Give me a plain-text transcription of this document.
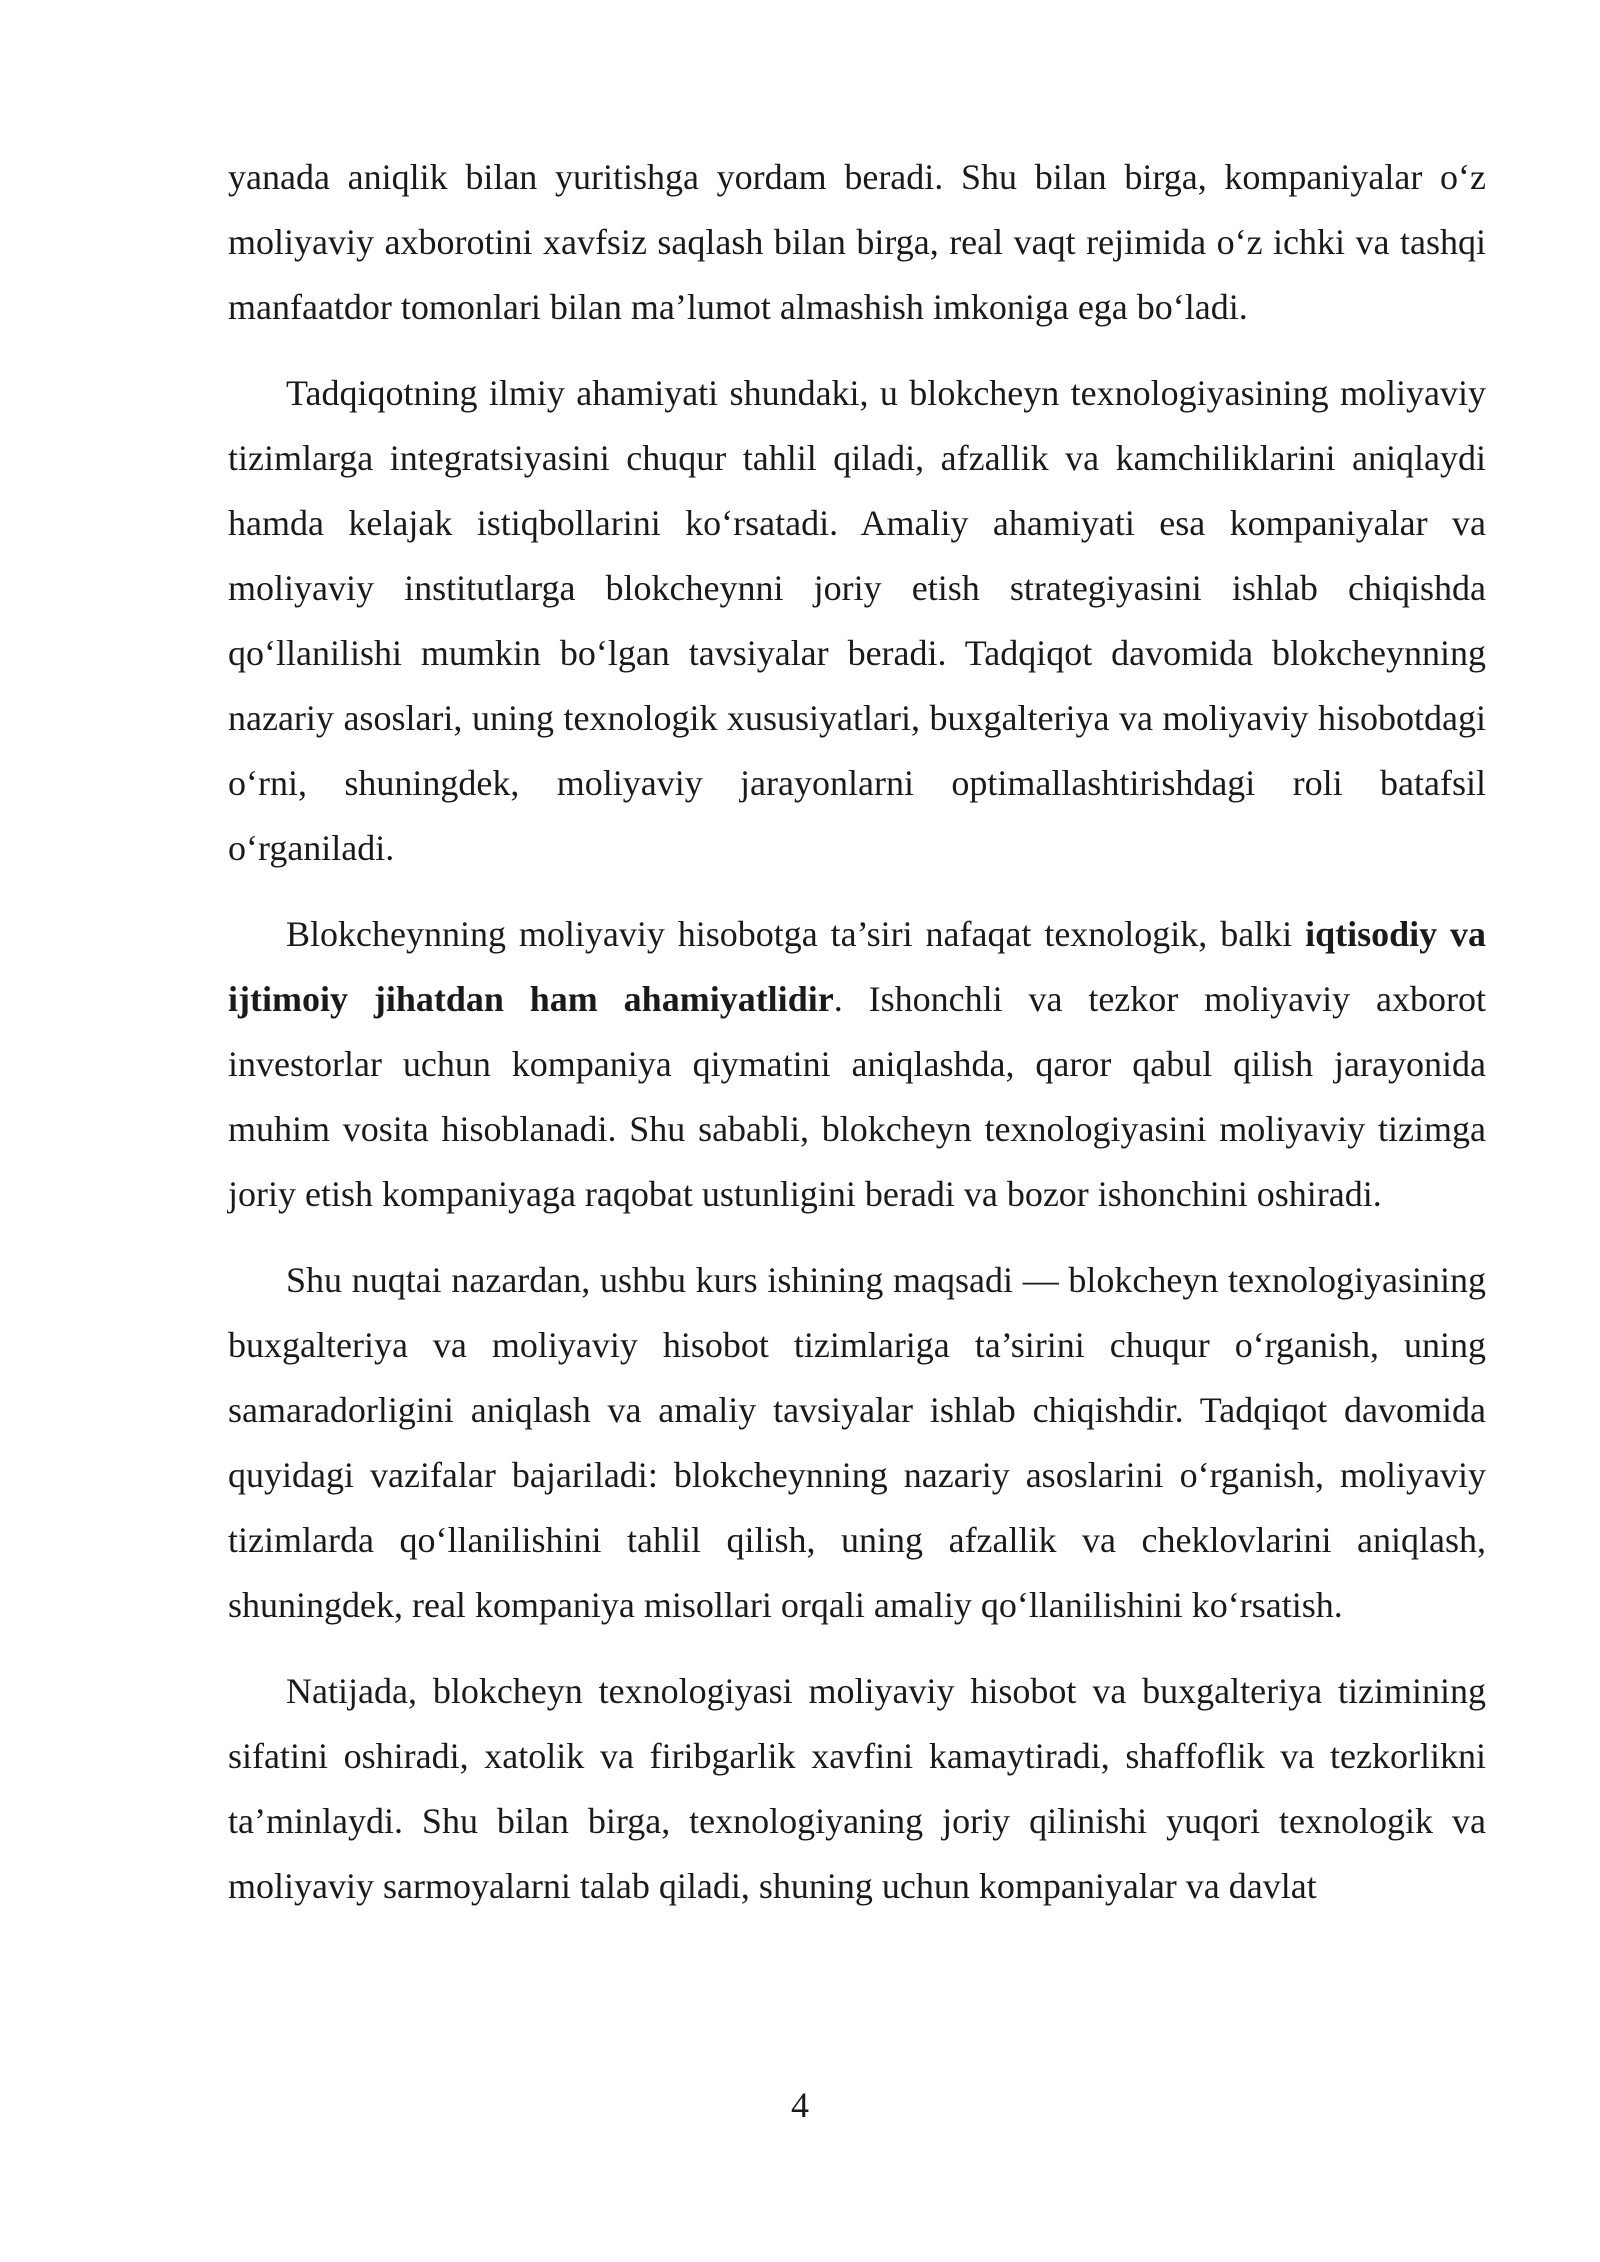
yanada aniqlik bilan yuritishga yordam beradi. Shu bilan birga, kompaniyalar o‘z moliyaviy axborotini xavfsiz saqlash bilan birga, real vaqt rejimida o‘z ichki va tashqi manfaatdor tomonlari bilan ma’lumot almashish imkoniga ega bo‘ladi.

Tadqiqotning ilmiy ahamiyati shundaki, u blokcheyn texnologiyasining moliyaviy tizimlarga integratsiyasini chuqur tahlil qiladi, afzallik va kamchiliklarini aniqlaydi hamda kelajak istiqbollarini ko‘rsatadi. Amaliy ahamiyati esa kompaniyalar va moliyaviy institutlarga blokcheynni joriy etish strategiyasini ishlab chiqishda qo‘llanilishi mumkin bo‘lgan tavsiyalar beradi. Tadqiqot davomida blokcheynning nazariy asoslari, uning texnologik xususiyatlari, buxgalteriya va moliyaviy hisobotdagi o‘rni, shuningdek, moliyaviy jarayonlarni optimallashtirishdagi roli batafsil o‘rganiladi.

Blokcheynning moliyaviy hisobotga ta’siri nafaqat texnologik, balki iqtisodiy va ijtimoiy jihatdan ham ahamiyatlidir. Ishonchli va tezkor moliyaviy axborot investorlar uchun kompaniya qiymatini aniqlashda, qaror qabul qilish jarayonida muhim vosita hisoblanadi. Shu sababli, blokcheyn texnologiyasini moliyaviy tizimga joriy etish kompaniyaga raqobat ustunligini beradi va bozor ishonchini oshiradi.

Shu nuqtai nazardan, ushbu kurs ishining maqsadi — blokcheyn texnologiyasining buxgalteriya va moliyaviy hisobot tizimlariga ta’sirini chuqur o‘rganish, uning samaradorligini aniqlash va amaliy tavsiyalar ishlab chiqishdir. Tadqiqot davomida quyidagi vazifalar bajariladi: blokcheynning nazariy asoslarini o‘rganish, moliyaviy tizimlarda qo‘llanilishini tahlil qilish, uning afzallik va cheklovlarini aniqlash, shuningdek, real kompaniya misollari orqali amaliy qo‘llanilishini ko‘rsatish.

Natijada, blokcheyn texnologiyasi moliyaviy hisobot va buxgalteriya tizimining sifatini oshiradi, xatolik va firibgarlik xavfini kamaytiradi, shaffoflik va tezkorlikni ta’minlaydi. Shu bilan birga, texnologiyaning joriy qilinishi yuqori texnologik va moliyaviy sarmoyalarni talab qiladi, shuning uchun kompaniyalar va davlat

4
